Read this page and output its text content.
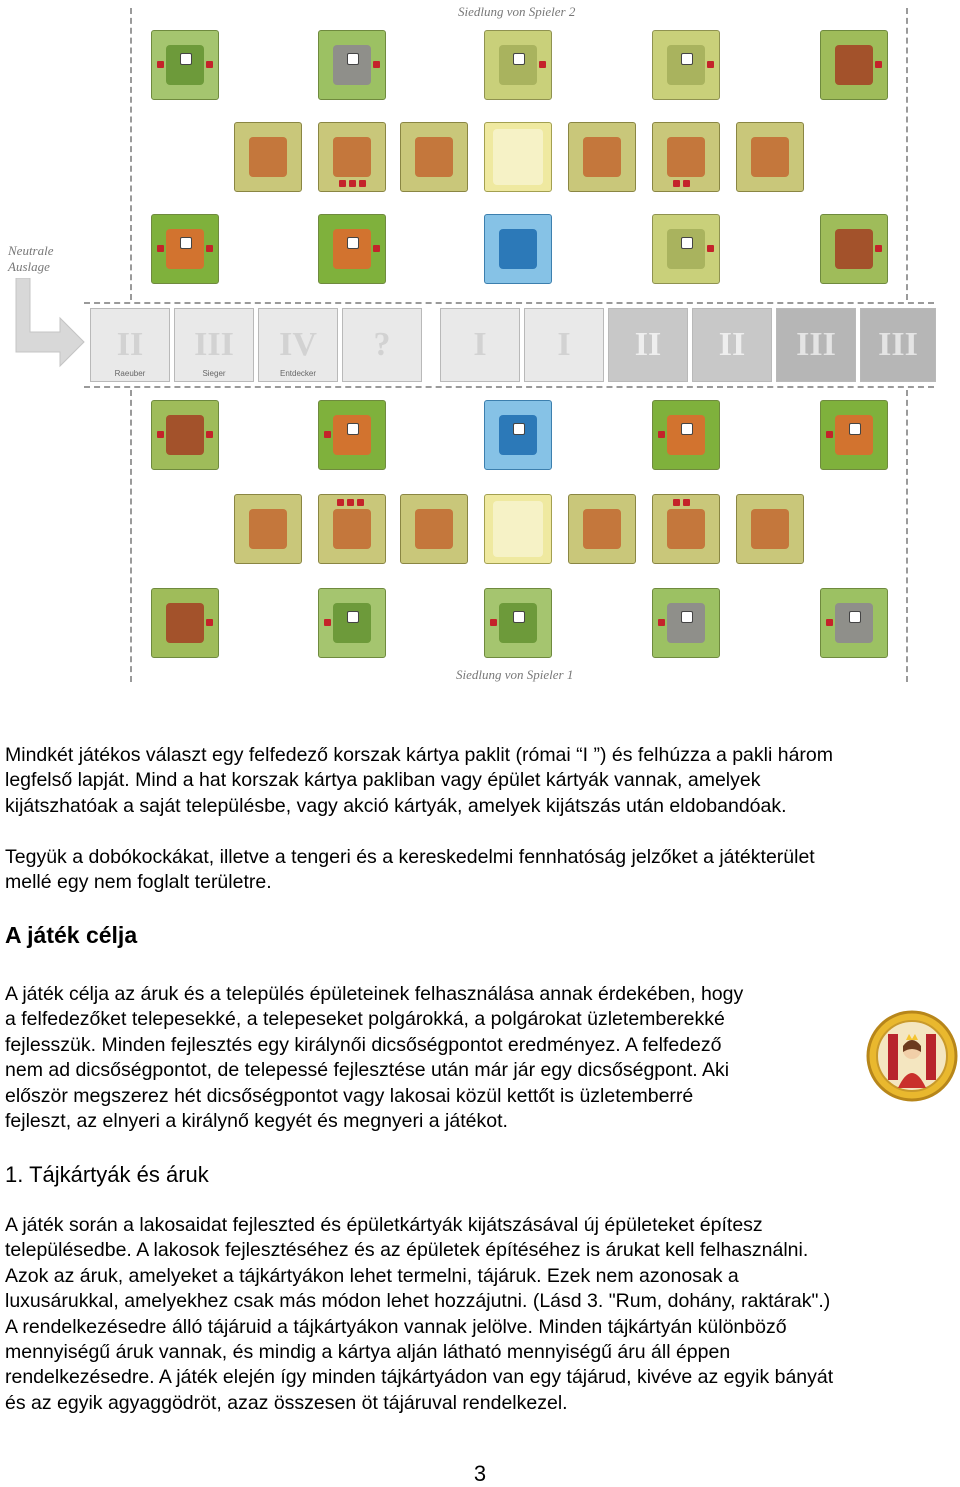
Siedlung von Spieler 2
Neutrale
Auslage
Siedlung von Spieler 1
II
Raeuber
III
Sieger
IV
Entdecker
? I I II II III III
Mindkét játékos választ egy felfedező korszak kártya paklit (római “I ”) és felhúzza a pakli három
legfelső lapját. Mind a hat korszak kártya pakliban vagy épület kártyák vannak, amelyek
kijátszhatóak a saját településbe, vagy akció kártyák, amelyek kijátszás után eldobandóak.
Tegyük a dobókockákat, illetve a tengeri és a kereskedelmi fennhatóság jelzőket a játékterület
mellé egy nem foglalt területre.
A játék célja
A játék célja az áruk és a település épületeinek felhasználása annak érdekében, hogy
a felfedezőket telepesekké, a telepeseket polgárokká, a polgárokat üzletemberekké
fejlesszük. Minden fejlesztés egy királynői dicsőségpontot eredményez. A felfedező
nem ad dicsőségpontot, de telepessé fejlesztése után már jár egy dicsőségpont. Aki
először megszerez hét dicsőségpontot vagy lakosai közül kettőt is üzletemberré
fejleszt, az elnyeri a királynő kegyét és megnyeri a játékot.
1. Tájkártyák és áruk
A játék során a lakosaidat fejleszted és épületkártyák kijátszásával új épületeket építesz
településedbe. A lakosok fejlesztéséhez és az épületek építéséhez is árukat kell felhasználni.
Azok az áruk, amelyeket a tájkártyákon lehet termelni, tájáruk. Ezek nem azonosak a
luxusárukkal, amelyekhez csak más módon lehet hozzájutni. (Lásd 3. "Rum, dohány, raktárak".)
A rendelkezésedre álló tájáruid a tájkártyákon vannak jelölve. Minden tájkártyán különböző
mennyiségű áruk vannak, és mindig a kártya alján látható mennyiségű áru áll éppen
rendelkezésedre. A játék elején így minden tájkártyádon van egy tájárud, kivéve az egyik bányát
és az egyik agyaggödröt, azaz összesen öt tájáruval rendelkezel.
3
